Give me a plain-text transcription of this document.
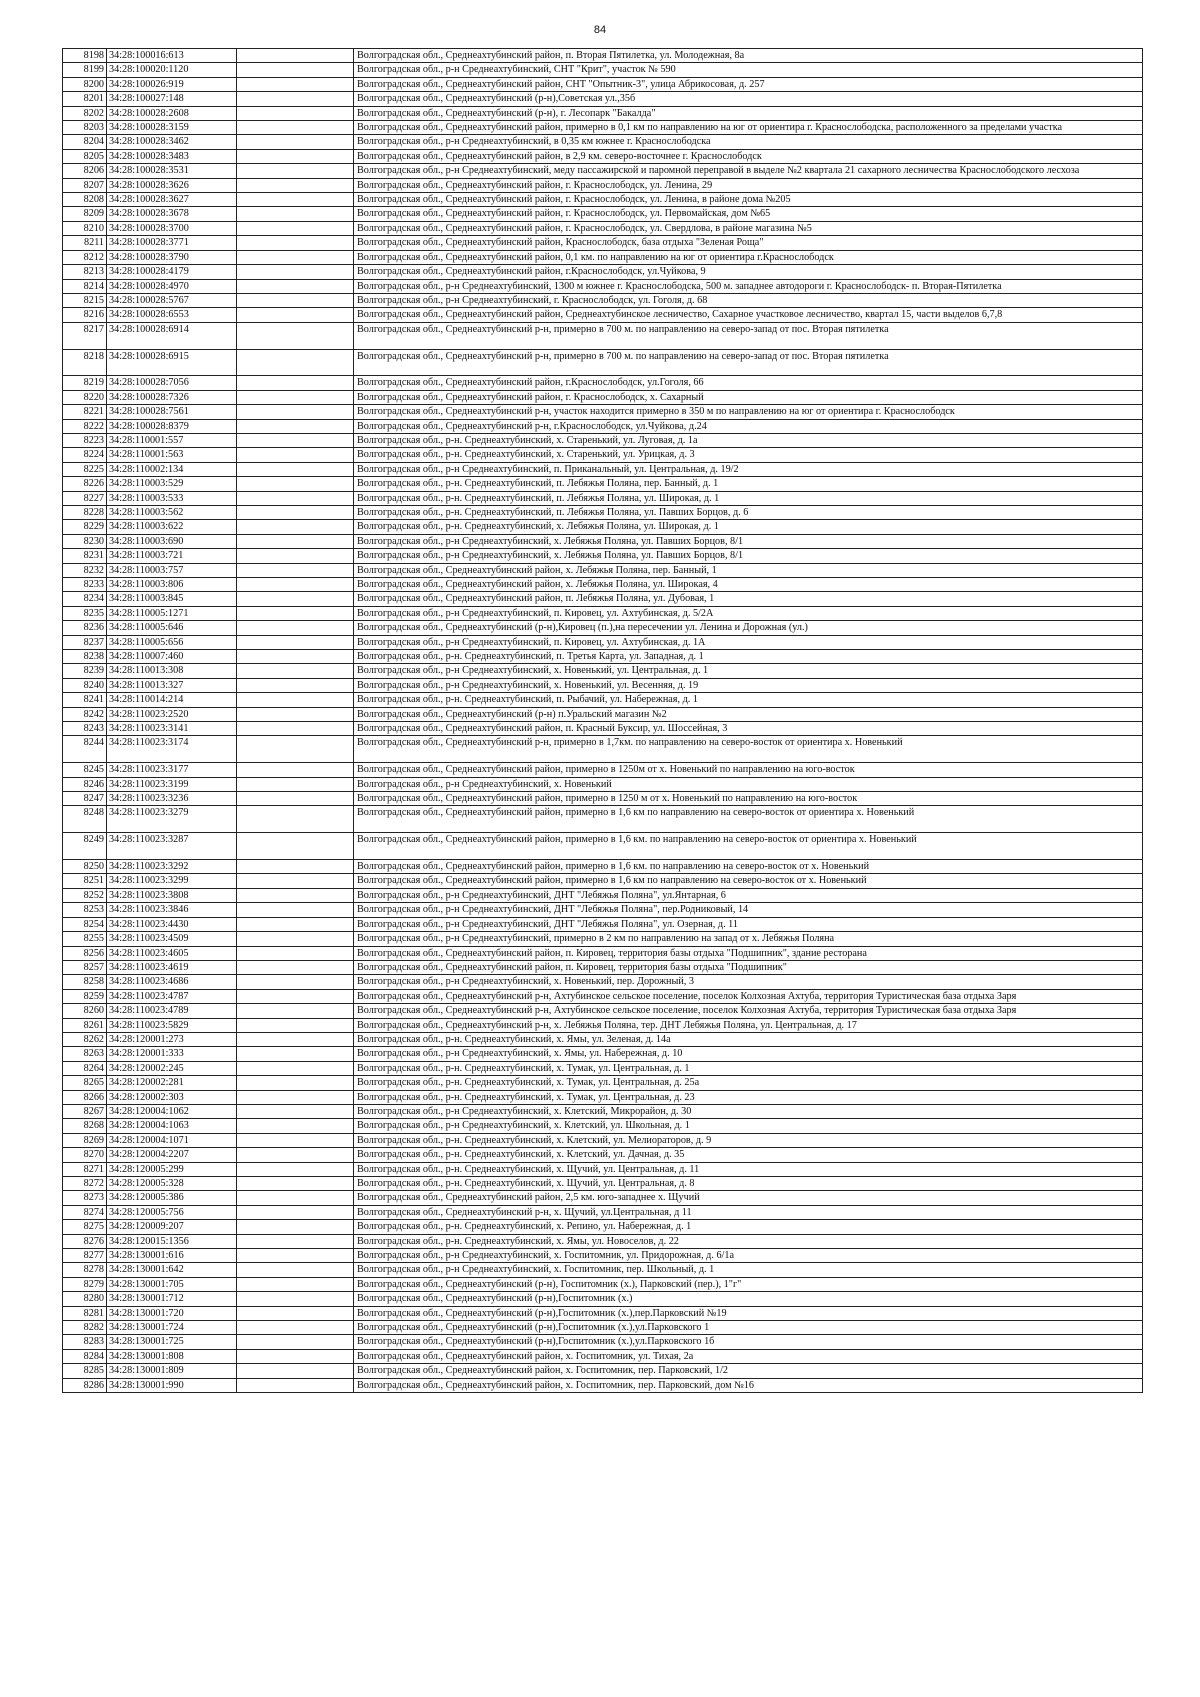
84
8198	34:28:100016:613		Волгоградская обл., Среднеахтубинский район, п. Вторая Пятилетка, ул. Молодежная, 8а
8199	34:28:100020:1120		Волгоградская обл., р-н Среднеахтубинский, СНТ "Крит", участок № 590
8200	34:28:100026:919		Волгоградская обл., Среднеахтубинский район, СНТ "Опытник-3", улица Абрикосовая, д. 257
8201	34:28:100027:148		Волгоградская обл., Среднеахтубинский (р-н),Советская ул.,35б
8202	34:28:100028:2608		Волгоградская обл., Среднеахтубинский (р-н), г. Лесопарк "Бакалда"
8203	34:28:100028:3159		Волгоградская обл., Среднеахтубинский район, примерно в 0,1 км по направлению на юг от ориентира г. Краснослободска, расположенного за пределами участка
8204	34:28:100028:3462		Волгоградская обл., р-н Среднеахтубинский, в 0,35 км южнее г. Краснослободска
8205	34:28:100028:3483		Волгоградская обл., Среднеахтубинский район, в 2,9 км. северо-восточнее г. Краснослободск
8206	34:28:100028:3531		Волгоградская обл., р-н Среднеахтубинский, меду пассажирской и паромной переправой в выделе №2 квартала 21 сахарного лесничества Краснослободского лесхоза
8207	34:28:100028:3626		Волгоградская обл., Среднеахтубинский район, г. Краснослободск, ул. Ленина, 29
8208	34:28:100028:3627		Волгоградская обл., Среднеахтубинский район, г. Краснослободск, ул. Ленина, в районе дома №205
8209	34:28:100028:3678		Волгоградская обл., Среднеахтубинский район, г. Краснослободск, ул. Первомайская, дом №65
8210	34:28:100028:3700		Волгоградская обл., Среднеахтубинский район, г. Краснослободск, ул. Свердлова, в районе магазина №5
8211	34:28:100028:3771		Волгоградская обл., Среднеахтубинский район, Краснослободск, база отдыха "Зеленая Роща"
8212	34:28:100028:3790		Волгоградская обл., Среднеахтубинский район, 0,1 км. по направлению на юг от ориентира г.Краснослободск
8213	34:28:100028:4179		Волгоградская обл., Среднеахтубинский район, г.Краснослободск, ул.Чуйкова, 9
8214	34:28:100028:4970		Волгоградская обл., р-н Среднеахтубинский, 1300 м южнее г. Краснослободска, 500 м. западнее автодороги г. Краснослободск- п. Вторая-Пятилетка
8215	34:28:100028:5767		Волгоградская обл., р-н Среднеахтубинский, г. Краснослободск, ул. Гоголя, д. 68
8216	34:28:100028:6553		Волгоградская обл., Среднеахтубинский район, Среднеахтубинское лесничество, Сахарное участковое лесничество, квартал 15, части выделов 6,7,8
8217	34:28:100028:6914		Волгоградская обл., Среднеахтубинский р-н, примерно в 700 м. по направлению на северо-запад от пос. Вторая пятилетка
8218	34:28:100028:6915		Волгоградская обл., Среднеахтубинский р-н, примерно в 700 м. по направлению на северо-запад от пос. Вторая пятилетка
8219	34:28:100028:7056		Волгоградская обл., Среднеахтубинский район, г.Краснослободск, ул.Гоголя, 66
8220	34:28:100028:7326		Волгоградская обл., Среднеахтубинский район, г. Краснослободск, х. Сахарный
8221	34:28:100028:7561		Волгоградская обл., Среднеахтубинский р-н, участок находится примерно в 350 м по направлению на юг от ориентира г. Краснослободск
8222	34:28:100028:8379		Волгоградская обл., Среднеахтубинский р-н, г.Краснослободск, ул.Чуйкова, д.24
8223	34:28:110001:557		Волгоградская обл., р-н. Среднеахтубинский, х. Старенький, ул. Луговая, д. 1а
8224	34:28:110001:563		Волгоградская обл., р-н. Среднеахтубинский, х. Старенький, ул. Урицкая, д. 3
8225	34:28:110002:134		Волгоградская обл., р-н Среднеахтубинский, п. Приканальный, ул. Центральная, д. 19/2
8226	34:28:110003:529		Волгоградская обл., р-н. Среднеахтубинский, п. Лебяжья Поляна, пер. Банный, д. 1
8227	34:28:110003:533		Волгоградская обл., р-н. Среднеахтубинский, п. Лебяжья Поляна, ул. Широкая, д. 1
8228	34:28:110003:562		Волгоградская обл., р-н. Среднеахтубинский, п. Лебяжья Поляна, ул. Павших Борцов, д. 6
8229	34:28:110003:622		Волгоградская обл., р-н. Среднеахтубинский, х. Лебяжья Поляна, ул. Широкая, д. 1
8230	34:28:110003:690		Волгоградская обл., р-н Среднеахтубинский, х. Лебяжья Поляна, ул. Павших Борцов, 8/1
8231	34:28:110003:721		Волгоградская обл., р-н Среднеахтубинский, х. Лебяжья Поляна, ул. Павших Борцов, 8/1
8232	34:28:110003:757		Волгоградская обл., Среднеахтубинский район, х. Лебяжья Поляна, пер. Банный, 1
8233	34:28:110003:806		Волгоградская обл., Среднеахтубинский район, х. Лебяжья Поляна, ул. Широкая, 4
8234	34:28:110003:845		Волгоградская обл., Среднеахтубинский район, п. Лебяжья Поляна, ул. Дубовая, 1
8235	34:28:110005:1271		Волгоградская обл., р-н Среднеахтубинский, п. Кировец, ул. Ахтубинская, д. 5/2А
8236	34:28:110005:646		Волгоградская обл., Среднеахтубинский (р-н),Кировец (п.),на пересечении ул. Ленина и Дорожная (ул.)
8237	34:28:110005:656		Волгоградская обл., р-н Среднеахтубинский, п. Кировец, ул. Ахтубинская, д. 1А
8238	34:28:110007:460		Волгоградская обл., р-н. Среднеахтубинский, п. Третья Карта, ул. Западная, д. 1
8239	34:28:110013:308		Волгоградская обл., р-н Среднеахтубинский, х. Новенький, ул. Центральная, д. 1
8240	34:28:110013:327		Волгоградская обл., р-н Среднеахтубинский, х. Новенький, ул. Весенняя, д. 19
8241	34:28:110014:214		Волгоградская обл., р-н. Среднеахтубинский, п. Рыбачий, ул. Набережная, д. 1
8242	34:28:110023:2520		Волгоградская обл., Среднеахтубинский (р-н) п.Уральский магазин №2
8243	34:28:110023:3141		Волгоградская обл., Среднеахтубинский район, п. Красный Буксир, ул. Шоссейная, 3
8244	34:28:110023:3174		Волгоградская обл., Среднеахтубинский р-н, примерно в 1,7км. по направлению на северо-восток от ориентира х. Новенький
8245	34:28:110023:3177		Волгоградская обл., Среднеахтубинский район, примерно в 1250м от х. Новенький по направлению на юго-восток
8246	34:28:110023:3199		Волгоградская обл., р-н Среднеахтубинский, х. Новенький
8247	34:28:110023:3236		Волгоградская обл., Среднеахтубинский район, примерно в 1250 м от х. Новенький по направлению на юго-восток
8248	34:28:110023:3279		Волгоградская обл., Среднеахтубинский район, примерно в 1,6 км по направлению на северо-восток от ориентира х. Новенький
8249	34:28:110023:3287		Волгоградская обл., Среднеахтубинский район, примерно в 1,6 км. по направлению на северо-восток от ориентира х. Новенький
8250	34:28:110023:3292		Волгоградская обл., Среднеахтубинский район, примерно в 1,6 км. по направлению на северо-восток от х. Новенький
8251	34:28:110023:3299		Волгоградская обл., Среднеахтубинский район, примерно в 1,6 км по направлению на северо-восток от х. Новенький
8252	34:28:110023:3808		Волгоградская обл., р-н Среднеахтубинский, ДНТ "Лебяжья Поляна", ул.Янтарная, 6
8253	34:28:110023:3846		Волгоградская обл., р-н Среднеахтубинский, ДНТ "Лебяжья Поляна", пер.Родниковый, 14
8254	34:28:110023:4430		Волгоградская обл., р-н Среднеахтубинский, ДНТ "Лебяжья Поляна", ул. Озерная, д. 11
8255	34:28:110023:4509		Волгоградская обл., р-н Среднеахтубинский, примерно в 2 км по направлению на запад от х. Лебяжья Поляна
8256	34:28:110023:4605		Волгоградская обл., Среднеахтубинский район, п. Кировец, территория базы отдыха "Подшипник", здание ресторана
8257	34:28:110023:4619		Волгоградская обл., Среднеахтубинский район, п. Кировец, территория базы отдыха "Подшипник"
8258	34:28:110023:4686		Волгоградская обл., р-н Среднеахтубинский, х. Новенький, пер. Дорожный, 3
8259	34:28:110023:4787		Волгоградская обл., Среднеахтубинский р-н, Ахтубинское сельское поселение, поселок Колхозная Ахтуба, территория Туристическая база отдыха Заря
8260	34:28:110023:4789		Волгоградская обл., Среднеахтубинский р-н, Ахтубинское сельское поселение, поселок Колхозная Ахтуба, территория Туристическая база отдыха Заря
8261	34:28:110023:5829		Волгоградская обл., Среднеахтубинский р-н, х. Лебяжья Поляна, тер. ДНТ Лебяжья Поляна, ул. Центральная, д. 17
8262	34:28:120001:273		Волгоградская обл., р-н. Среднеахтубинский, х. Ямы, ул. Зеленая, д. 14а
8263	34:28:120001:333		Волгоградская обл., р-н Среднеахтубинский, х. Ямы, ул. Набережная, д. 10
8264	34:28:120002:245		Волгоградская обл., р-н. Среднеахтубинский, х. Тумак, ул. Центральная, д. 1
8265	34:28:120002:281		Волгоградская обл., р-н. Среднеахтубинский, х. Тумак, ул. Центральная, д. 25а
8266	34:28:120002:303		Волгоградская обл., р-н. Среднеахтубинский, х. Тумак, ул. Центральная, д. 23
8267	34:28:120004:1062		Волгоградская обл., р-н Среднеахтубинский, х. Клетский, Микрорайон, д. 30
8268	34:28:120004:1063		Волгоградская обл., р-н Среднеахтубинский, х. Клетский, ул. Школьная, д. 1
8269	34:28:120004:1071		Волгоградская обл., р-н. Среднеахтубинский, х. Клетский, ул. Мелиораторов, д. 9
8270	34:28:120004:2207		Волгоградская обл., р-н. Среднеахтубинский, х. Клетский, ул. Дачная, д. 35
8271	34:28:120005:299		Волгоградская обл., р-н. Среднеахтубинский, х. Щучий, ул. Центральная, д. 11
8272	34:28:120005:328		Волгоградская обл., р-н. Среднеахтубинский, х. Щучий, ул. Центральная, д. 8
8273	34:28:120005:386		Волгоградская обл., Среднеахтубинский район, 2,5 км. юго-западнее х. Щучий
8274	34:28:120005:756		Волгоградская обл., Среднеахтубинский р-н, х. Щучий, ул.Центральная, д 11
8275	34:28:120009:207		Волгоградская обл., р-н. Среднеахтубинский, х. Репино, ул. Набережная, д. 1
8276	34:28:120015:1356		Волгоградская обл., р-н. Среднеахтубинский, х. Ямы, ул. Новоселов, д. 22
8277	34:28:130001:616		Волгоградская обл., р-н Среднеахтубинский, х. Госпитомник, ул. Придорожная, д. 6/1а
8278	34:28:130001:642		Волгоградская обл., р-н Среднеахтубинский, х. Госпитомник, пер. Школьный, д. 1
8279	34:28:130001:705		Волгоградская обл., Среднеахтубинский (р-н), Госпитомник (х.), Парковский (пер.), 1"г"
8280	34:28:130001:712		Волгоградская обл., Среднеахтубинский (р-н),Госпитомник (х.)
8281	34:28:130001:720		Волгоградская обл., Среднеахтубинский (р-н),Госпитомник (х.),пер.Парковский №19
8282	34:28:130001:724		Волгоградская обл., Среднеахтубинский (р-н),Госпитомник (х.),ул.Парковского 1
8283	34:28:130001:725		Волгоградская обл., Среднеахтубинский (р-н),Госпитомник (х.),ул.Парковского 1б
8284	34:28:130001:808		Волгоградская обл., Среднеахтубинский район, х. Госпитомник, ул. Тихая, 2а
8285	34:28:130001:809		Волгоградская обл., Среднеахтубинский район, х. Госпитомник, пер. Парковский, 1/2
8286	34:28:130001:990		Волгоградская обл., Среднеахтубинский район, х. Госпитомник, пер. Парковский, дом №16
